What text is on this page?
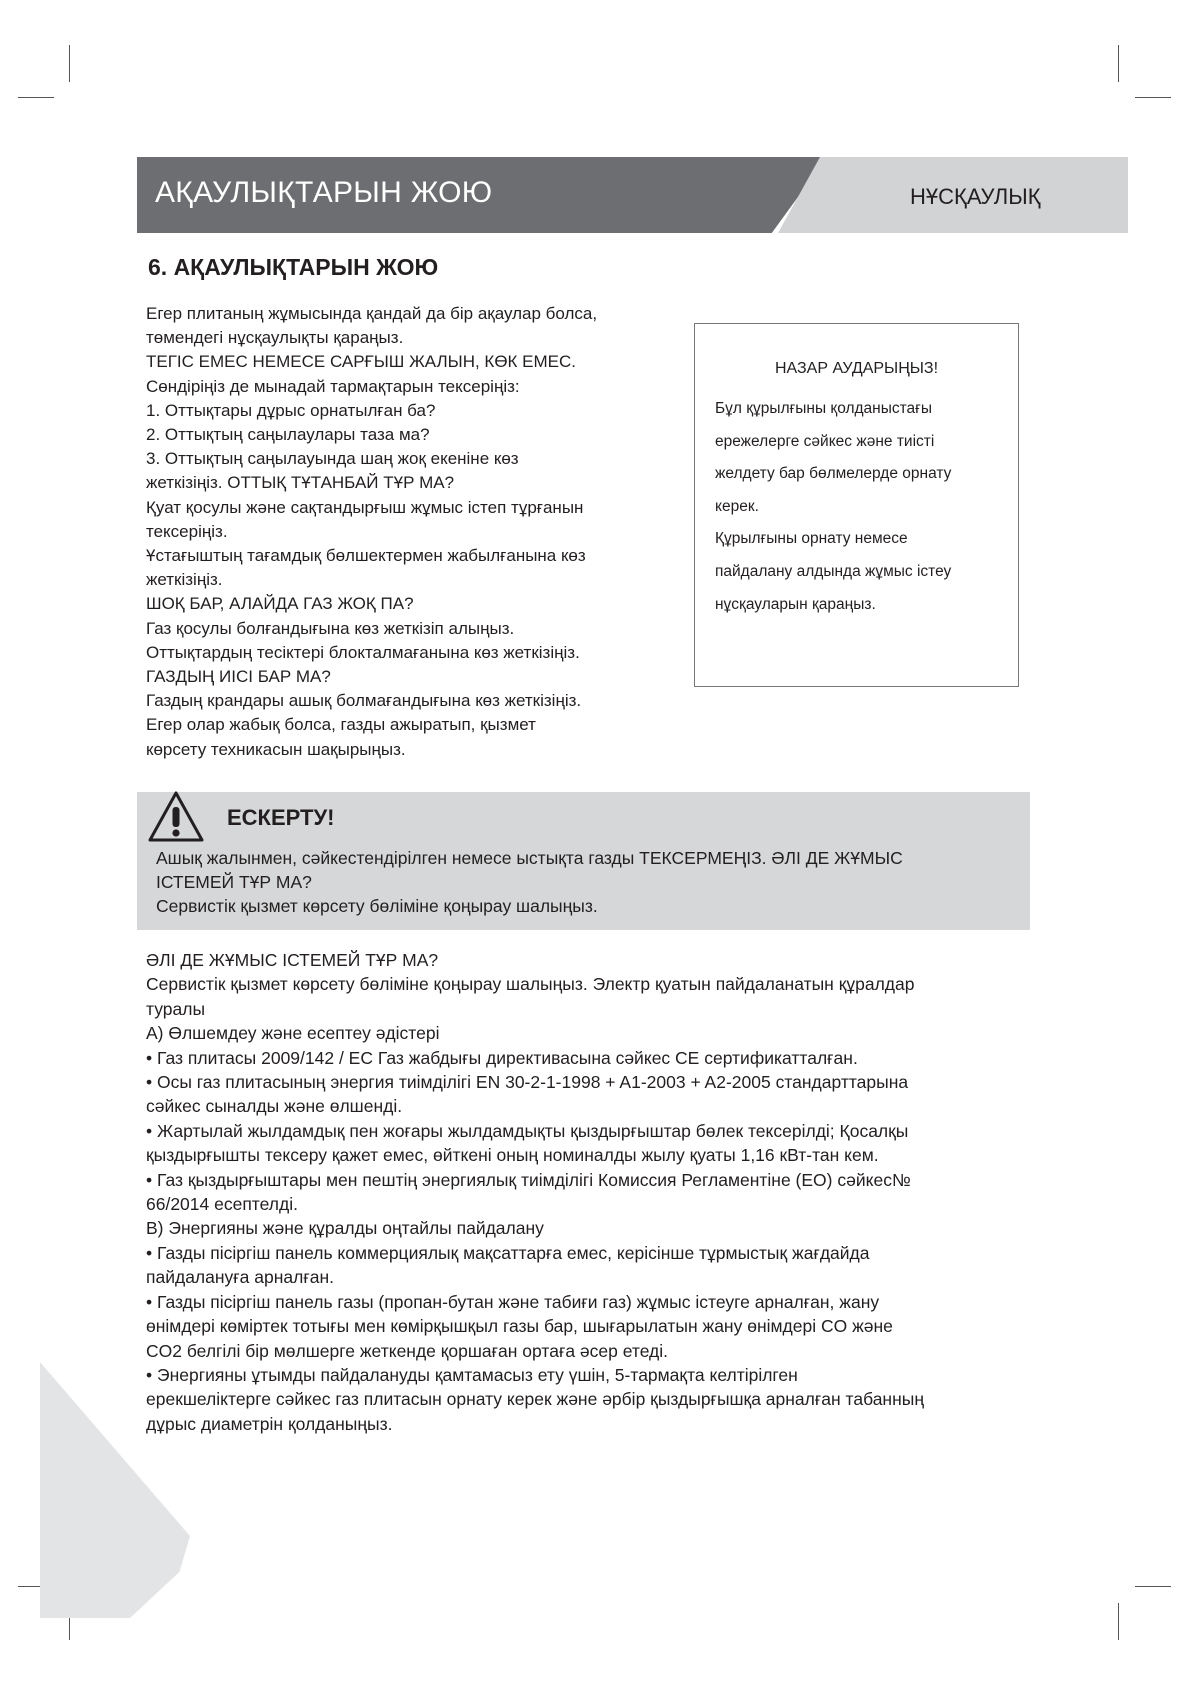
АҚАУЛЫҚТАРЫН ЖОЮ	НҰСҚАУЛЫҚ
6. АҚАУЛЫҚТАРЫН ЖОЮ

Егер плитаның жұмысында қандай да бір ақаулар болса,

төмендегі нұсқаулықты қараңыз.

ТЕГІС ЕМЕС НЕМЕСЕ САРҒЫШ ЖАЛЫН, КӨК ЕМЕС.

Сөндіріңіз де мынадай тармақтарын тексеріңіз:

1. Оттықтары дұрыс орнатылған ба?

2. Оттықтың саңылаулары таза ма?

3. Оттықтың саңылауында шаң жоқ екеніне көз

жеткізіңіз. ОТТЫҚ ТҰТАНБАЙ ТҰР МА?

Қуат қосулы және сақтандырғыш жұмыс істеп тұрғанын

тексеріңіз.

Ұстағыштың тағамдық бөлшектермен жабылғанына көз

жеткізіңіз.

ШОҚ БАР, АЛАЙДА ГАЗ ЖОҚ ПА?

Газ қосулы болғандығына көз жеткізіп алыңыз.

Оттықтардың тесіктері блокталмағанына көз жеткізіңіз.

ГАЗДЫҢ ИІСІ БАР МА?

Газдың крандары ашық болмағандығына көз жеткізіңіз.

Егер олар жабық болса, газды ажыратып, қызмет

көрсету техникасын шақырыңыз.

НАЗАР АУДАРЫҢЫЗ!

Бұл құрылғыны қолданыстағы

ережелерге сәйкес және тиісті

желдету бар бөлмелерде орнату

керек.

Құрылғыны орнату немесе

пайдалану алдында жұмыс істеу

нұсқауларын қараңыз.

ЕСКЕРТУ!

Ашық жалынмен, сәйкестендірілген немесе ыстықта газды ТЕКСЕРМЕҢІЗ. ӘЛІ ДЕ ЖҰМЫС

ІСТЕМЕЙ ТҰР МА?

Сервистік қызмет көрсету бөліміне қоңырау шалыңыз.

ӘЛІ ДЕ ЖҰМЫС ІСТЕМЕЙ ТҰР МА?

Сервистік қызмет көрсету бөліміне қоңырау шалыңыз. Электр қуатын пайдаланатын құралдар

туралы

A) Өлшемдеу және есептеу әдістері

• Газ плитасы 2009/142 / EC Газ жабдығы директивасына сәйкес CE сертификатталған.

• Осы газ плитасының энергия тиімділігі EN 30-2-1-1998 + A1-2003 + A2-2005 стандарттарына

сәйкес сыналды және өлшенді.

• Жартылай жылдамдық пен жоғары жылдамдықты қыздырғыштар бөлек тексерілді; Қосалқы

қыздырғышты тексеру қажет емес, өйткені оның номиналды жылу қуаты 1,16 кВт-тан кем.

• Газ қыздырғыштары мен пештің энергиялық тиімділігі Комиссия Регламентіне (ЕО) сәйкес№

66/2014 есептелді.

B) Энергияны және құралды оңтайлы пайдалану

• Газды пісіргіш панель коммерциялық мақсаттарға емес, керісінше тұрмыстық жағдайда

пайдалануға арналған.

• Газды пісіргіш панель газы (пропан-бутан және табиғи газ) жұмыс істеуге арналған, жану

өнімдері көміртек тотығы мен көмірқышқыл газы бар, шығарылатын жану өнімдері CO және

CO2 белгілі бір мөлшерге жеткенде қоршаған ортаға әсер етеді.

• Энергияны ұтымды пайдалануды қамтамасыз ету үшін, 5-тармақта келтірілген

ерекшеліктерге сәйкес газ плитасын орнату керек және әрбір қыздырғышқа арналған табанның

дұрыс диаметрін қолданыңыз.
